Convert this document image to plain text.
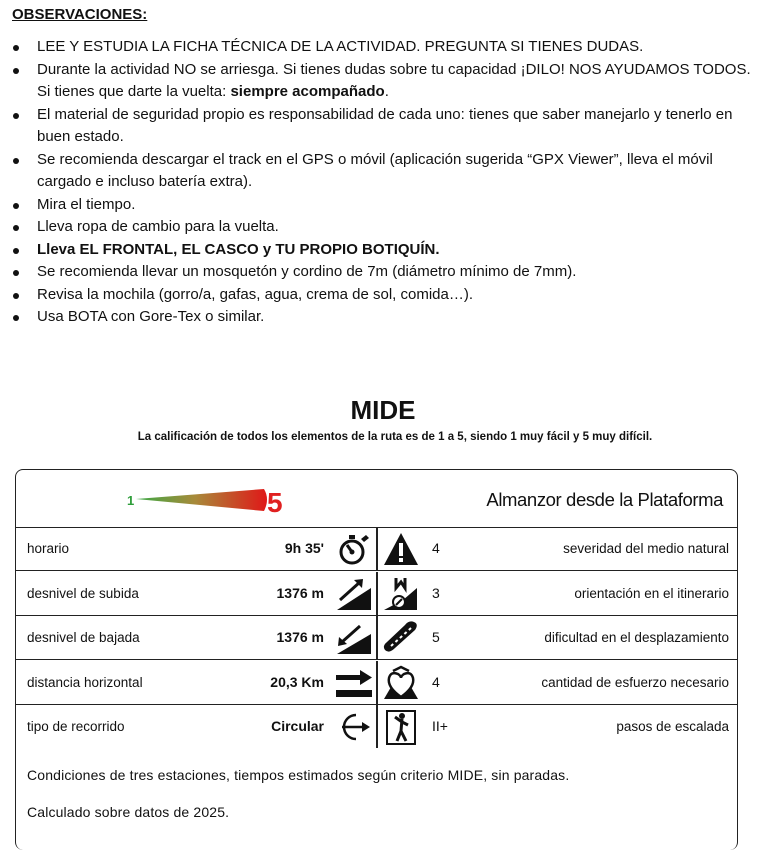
OBSERVACIONES:
LEE Y ESTUDIA LA FICHA TÉCNICA DE LA ACTIVIDAD. PREGUNTA SI TIENES DUDAS.
Durante la actividad NO se arriesga. Si tienes dudas sobre tu capacidad ¡DILO! NOS AYUDAMOS TODOS. Si tienes que darte la vuelta: siempre acompañado.
El material de seguridad propio es responsabilidad de cada uno: tienes que saber manejarlo y tenerlo en buen estado.
Se recomienda descargar el track en el GPS o móvil (aplicación sugerida “GPX Viewer”, lleva el móvil cargado e incluso batería extra).
Mira el tiempo.
Lleva ropa de cambio para la vuelta.
Lleva EL FRONTAL, EL CASCO y TU PROPIO BOTIQUÍN.
Se recomienda llevar un mosquetón y cordino de 7m (diámetro mínimo de 7mm).
Revisa la mochila (gorro/a, gafas, agua, crema de sol, comida…).
Usa BOTA con Gore-Tex o similar.
MIDE
La calificación de todos los elementos de la ruta es de 1 a 5, siendo 1 muy fácil y 5 muy difícil.
1	5	Almanzor desde la Plataforma
horario	9h 35'	4	severidad del medio natural
desnivel de subida	1376 m	3	orientación en el itinerario
desnivel de bajada	1376 m	5	dificultad en el desplazamiento
distancia horizontal	20,3 Km	4	cantidad de esfuerzo necesario
tipo de recorrido	Circular	II+	pasos de escalada
Condiciones de tres estaciones, tiempos estimados según criterio MIDE, sin paradas.
Calculado sobre datos de 2025.
